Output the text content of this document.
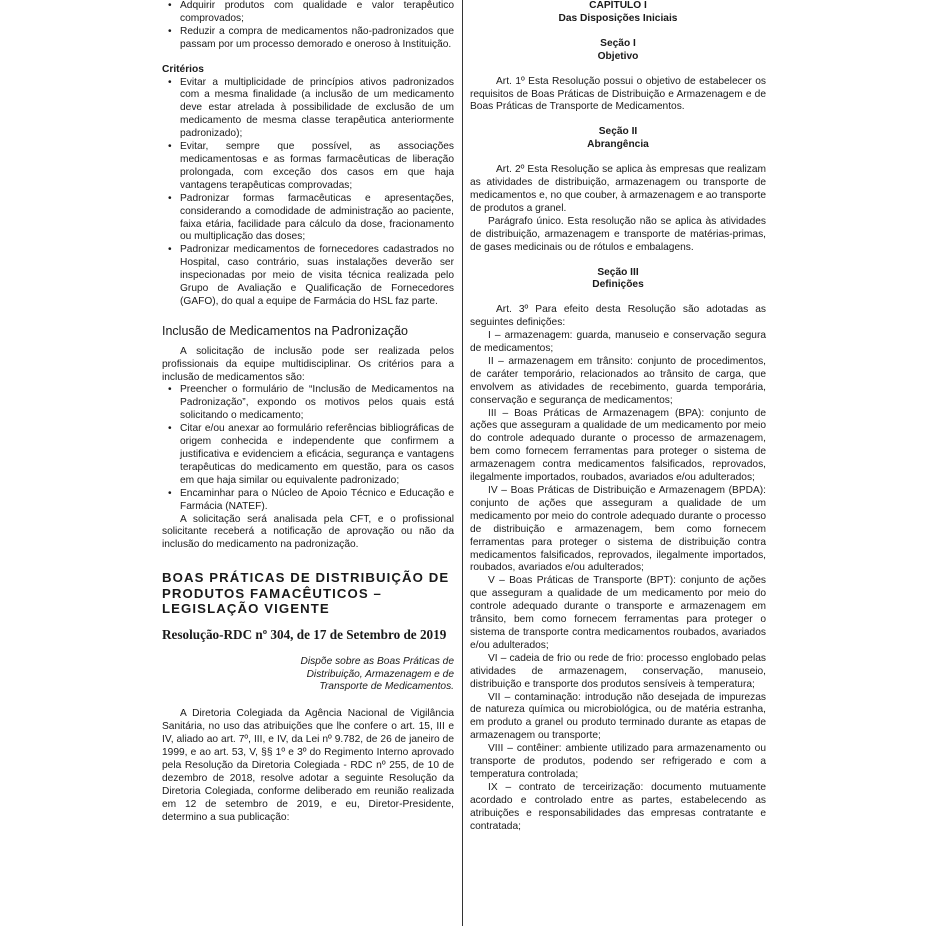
• Adquirir produtos com qualidade e valor terapêutico comprovados;
• Reduzir a compra de medicamentos não-padronizados que passam por um processo demorado e oneroso à Instituição.

Critérios

• Evitar a multiplicidade de princípios ativos padronizados com a mesma finalidade (a inclusão de um medicamento deve estar atrelada à possibilidade de exclusão de um medicamento de mesma classe terapêutica anteriormente padronizado);
• Evitar, sempre que possível, as associações medicamentosas e as formas farmacêuticas de liberação prolongada, com exceção dos casos em que haja vantagens terapêuticas comprovadas;
• Padronizar formas farmacêuticas e apresentações, considerando a comodidade de administração ao paciente, faixa etária, facilidade para cálculo da dose, fracionamento ou multiplicação das doses;
• Padronizar medicamentos de fornecedores cadastrados no Hospital, caso contrário, suas instalações deverão ser inspecionadas por meio de visita técnica realizada pelo Grupo de Avaliação e Qualificação de Fornecedores (GAFO), do qual a equipe de Farmácia do HSL faz parte.

Inclusão de Medicamentos na Padronização

A solicitação de inclusão pode ser realizada pelos profissionais da equipe multidisciplinar. Os critérios para a inclusão de medicamentos são:

• Preencher o formulário de “Inclusão de Medicamentos na Padronização”, expondo os motivos pelos quais está solicitando o medicamento;
• Citar e/ou anexar ao formulário referências bibliográficas de origem conhecida e independente que confirmem a justificativa e evidenciem a eficácia, segurança e vantagens terapêuticas do medicamento em questão, para os casos em que haja similar ou equivalente padronizado;
• Encaminhar para o Núcleo de Apoio Técnico e Educação e Farmácia (NATEF).

A solicitação será analisada pela CFT, e o profissional solicitante receberá a notificação de aprovação ou não da inclusão do medicamento na padronização.

BOAS PRÁTICAS DE DISTRIBUIÇÃO DE PRODUTOS FAMACÊUTICOS – LEGISLAÇÃO VIGENTE

Resolução-RDC nº 304, de 17 de Setembro de 2019

Dispõe sobre as Boas Práticas de Distribuição, Armazenagem e de Transporte de Medicamentos.

A Diretoria Colegiada da Agência Nacional de Vigilância Sanitária, no uso das atribuições que lhe confere o art. 15, III e IV, aliado ao art. 7º, III, e IV, da Lei nº 9.782, de 26 de janeiro de 1999, e ao art. 53, V, §§ 1º e 3º do Regimento Interno aprovado pela Resolução da Diretoria Colegiada - RDC nº 255, de 10 de dezembro de 2018, resolve adotar a seguinte Resolução da Diretoria Colegiada, conforme deliberado em reunião realizada em 12 de setembro de 2019, e eu, Diretor-Presidente, determino a sua publicação:

CAPÍTULO I

Das Disposições Iniciais

Seção I

Objetivo

Art. 1º Esta Resolução possui o objetivo de estabelecer os requisitos de Boas Práticas de Distribuição e Armazenagem e de Boas Práticas de Transporte de Medicamentos.

Seção II

Abrangência

Art. 2º Esta Resolução se aplica às empresas que realizam as atividades de distribuição, armazenagem ou transporte de medicamentos e, no que couber, à armazenagem e ao transporte de produtos a granel.

Parágrafo único. Esta resolução não se aplica às atividades de distribuição, armazenagem e transporte de matérias-primas, de gases medicinais ou de rótulos e embalagens.

Seção III

Definições

Art. 3º Para efeito desta Resolução são adotadas as seguintes definições:

I – armazenagem: guarda, manuseio e conservação segura de medicamentos;

II – armazenagem em trânsito: conjunto de procedimentos, de caráter temporário, relacionados ao trânsito de carga, que envolvem as atividades de recebimento, guarda temporária, conservação e segurança de medicamentos;

III – Boas Práticas de Armazenagem (BPA): conjunto de ações que asseguram a qualidade de um medicamento por meio do controle adequado durante o processo de armazenagem, bem como fornecem ferramentas para proteger o sistema de armazenagem contra medicamentos falsificados, reprovados, ilegalmente importados, roubados, avariados e/ou adulterados;

IV – Boas Práticas de Distribuição e Armazenagem (BPDA): conjunto de ações que asseguram a qualidade de um medicamento por meio do controle adequado durante o processo de distribuição e armazenagem, bem como fornecem ferramentas para proteger o sistema de distribuição contra medicamentos falsificados, reprovados, ilegalmente importados, roubados, avariados e/ou adulterados;

V – Boas Práticas de Transporte (BPT): conjunto de ações que asseguram a qualidade de um medicamento por meio do controle adequado durante o transporte e armazenagem em trânsito, bem como fornecem ferramentas para proteger o sistema de transporte contra medicamentos roubados, avariados e/ou adulterados;

VI – cadeia de frio ou rede de frio: processo englobado pelas atividades de armazenagem, conservação, manuseio, distribuição e transporte dos produtos sensíveis à temperatura;

VII – contaminação: introdução não desejada de impurezas de natureza química ou microbiológica, ou de matéria estranha, em produto a granel ou produto terminado durante as etapas de armazenagem ou transporte;

VIII – contêiner: ambiente utilizado para armazenamento ou transporte de produtos, podendo ser refrigerado e com a temperatura controlada;

IX – contrato de terceirização: documento mutuamente acordado e controlado entre as partes, estabelecendo as atribuições e responsabilidades das empresas contratante e contratada;
